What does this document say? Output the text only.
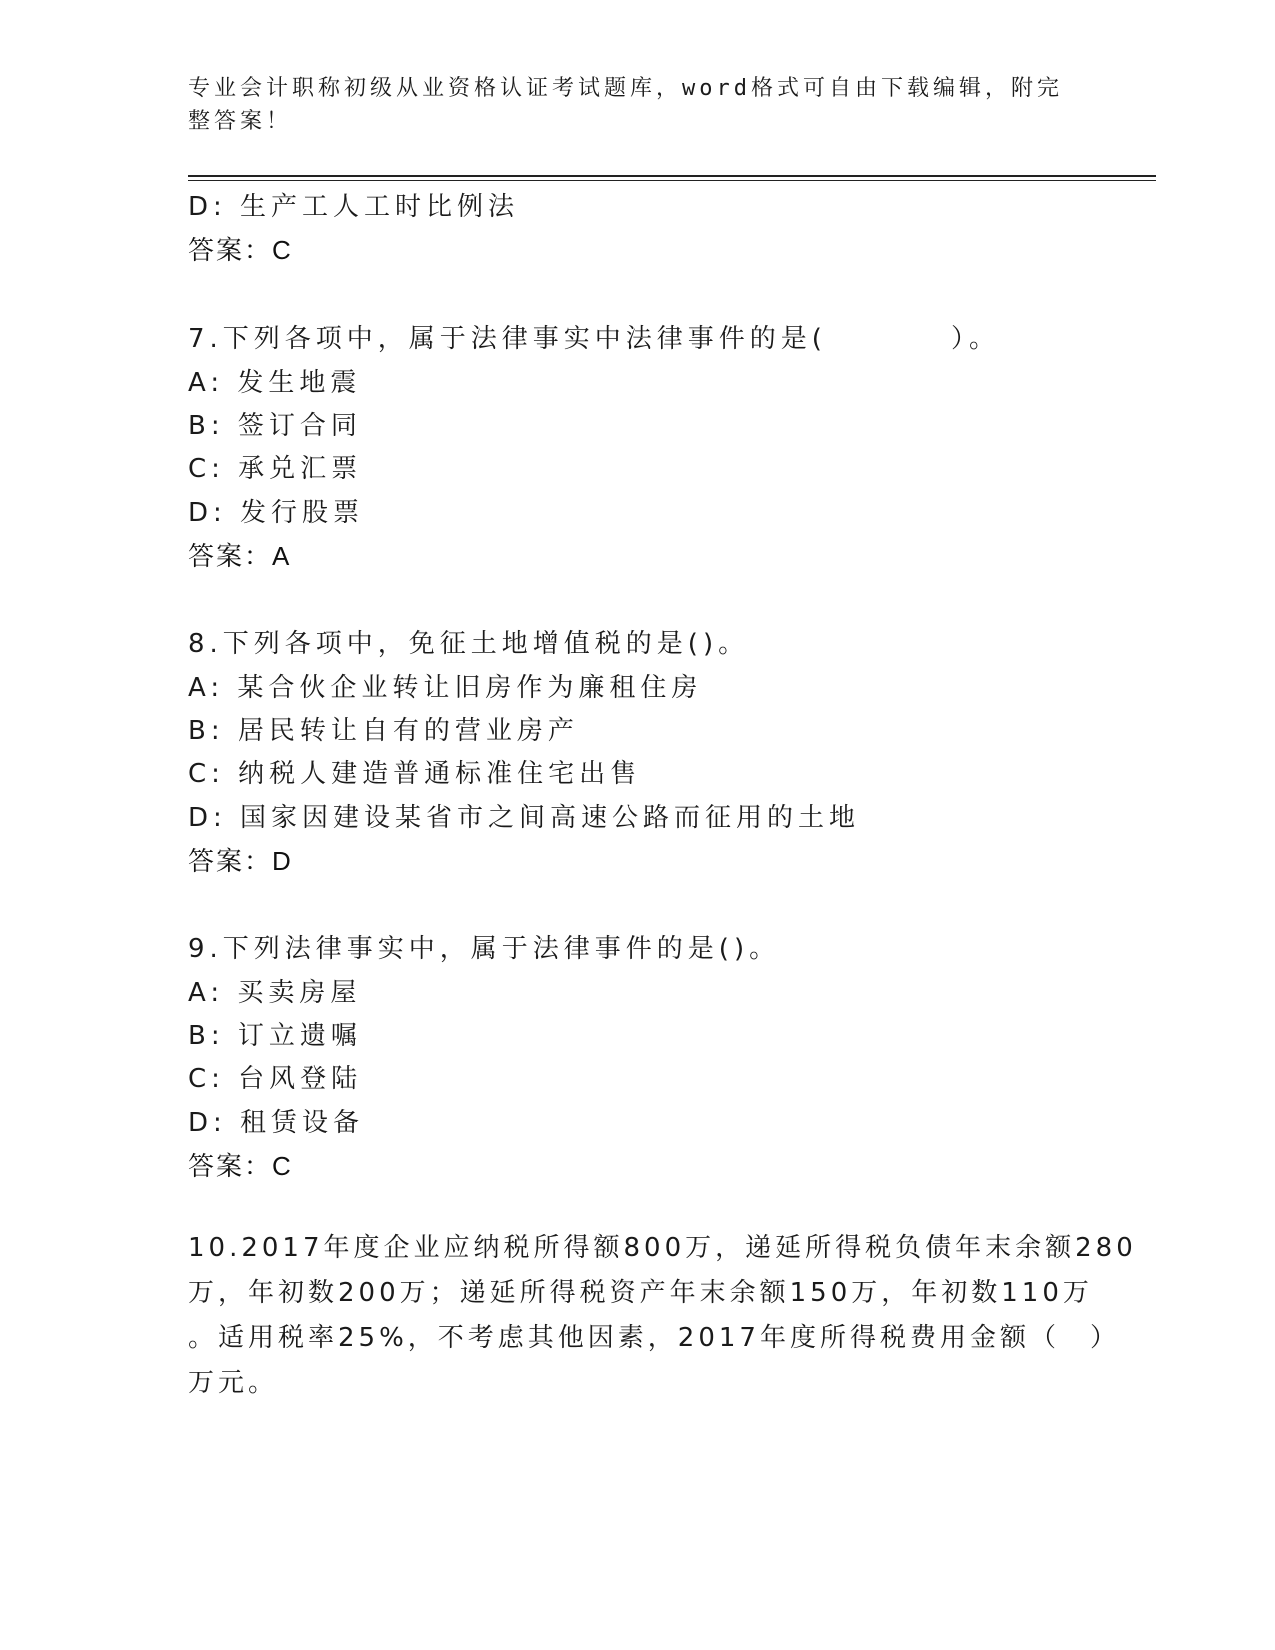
专业会计职称初级从业资格认证考试题库，word格式可自由下载编辑，附完整答案！
D: 生产工人工时比例法
答案：C
7.下列各项中，属于法律事实中法律事件的是(　　　　）。
A: 发生地震
B: 签订合同
C: 承兑汇票
D: 发行股票
答案：A
8.下列各项中，免征土地增值税的是()。
A: 某合伙企业转让旧房作为廉租住房
B: 居民转让自有的营业房产
C: 纳税人建造普通标准住宅出售
D: 国家因建设某省市之间高速公路而征用的土地
答案：D
9.下列法律事实中，属于法律事件的是()。
A: 买卖房屋
B: 订立遗嘱
C: 台风登陆
D: 租赁设备
答案：C
10.2017年度企业应纳税所得额800万，递延所得税负债年末余额280
万，年初数200万；递延所得税资产年末余额150万，年初数110万
。适用税率25%，不考虑其他因素，2017年度所得税费用金额（　）
万元。
